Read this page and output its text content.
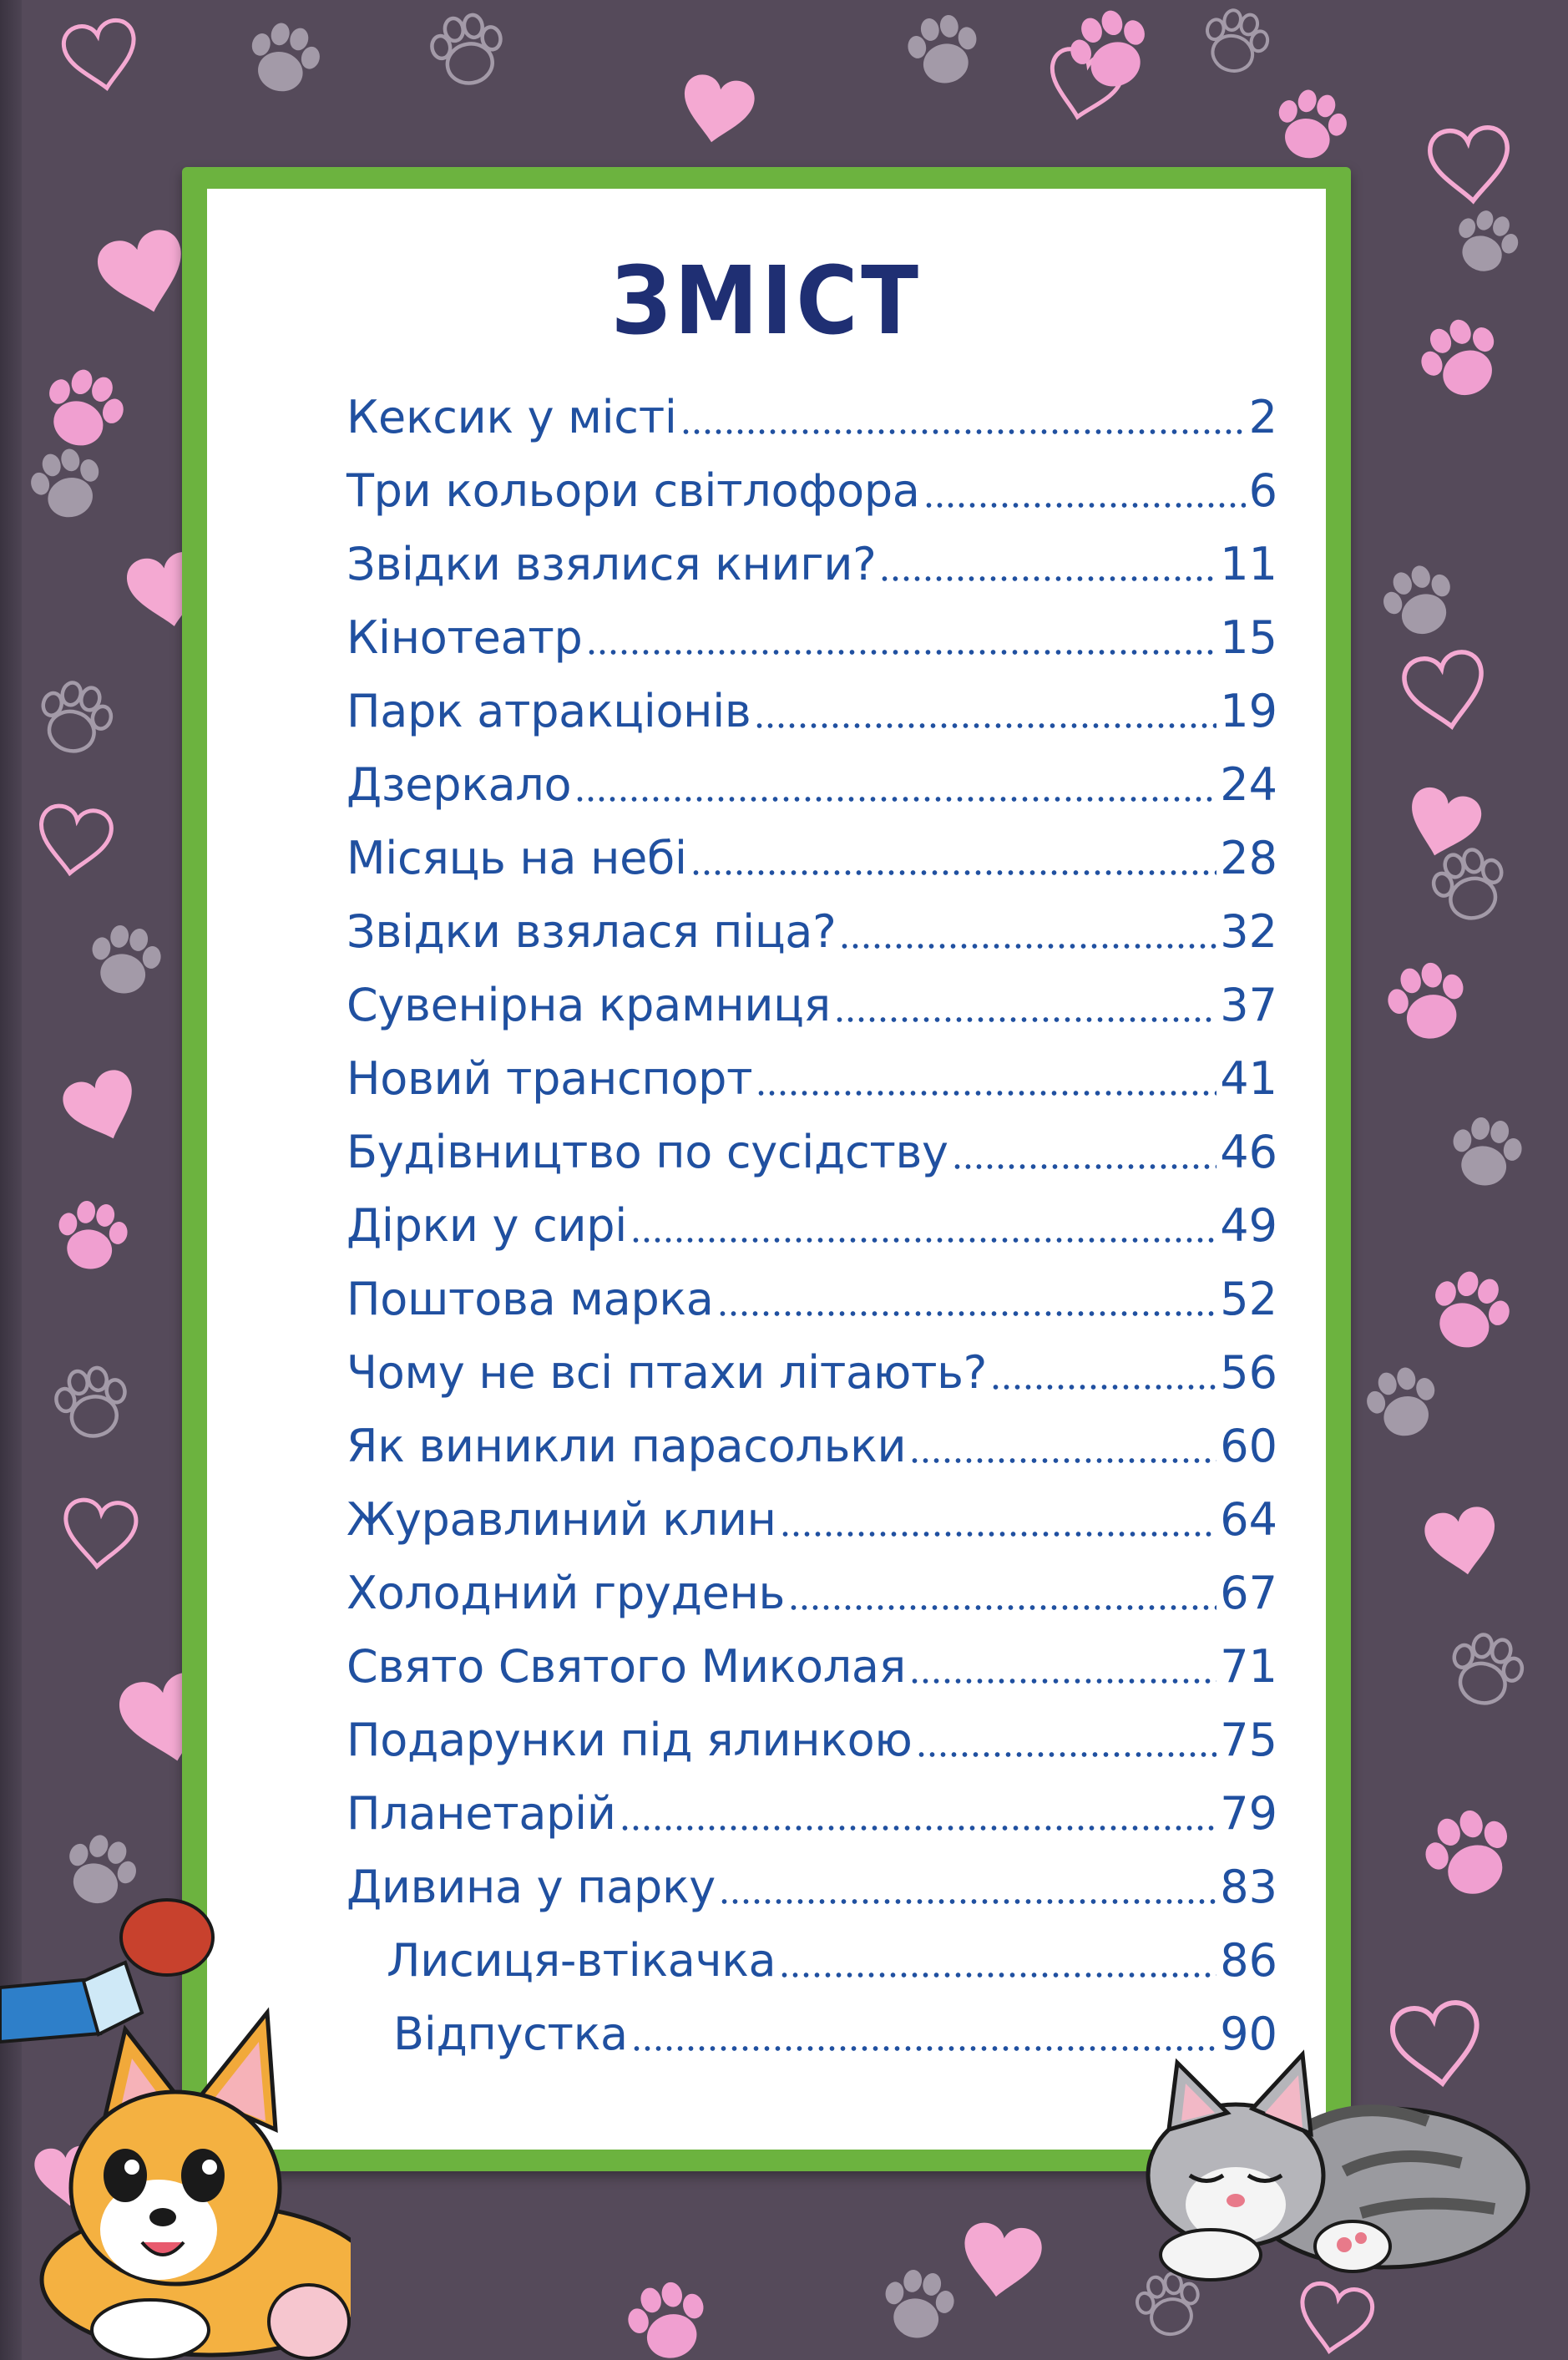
ЗМІСТ
Кексик у місті	2
Три кольори світлофора	6
Звідки взялися книги?	11
Кінотеатр	15
Парк атракціонів	19
Дзеркало	24
Місяць на небі	28
Звідки взялася піца?	32
Сувенірна крамниця	37
Новий транспорт	41
Будівництво по сусідству	46
Дірки у сирі	49
Поштова марка	52
Чому не всі птахи літають?	56
Як виникли парасольки	60
Журавлиний клин	64
Холодний грудень	67
Свято Святого Миколая	71
Подарунки під ялинкою	75
Планетарій	79
Дивина у парку	83
Лисиця-втікачка	86
Відпустка	90
